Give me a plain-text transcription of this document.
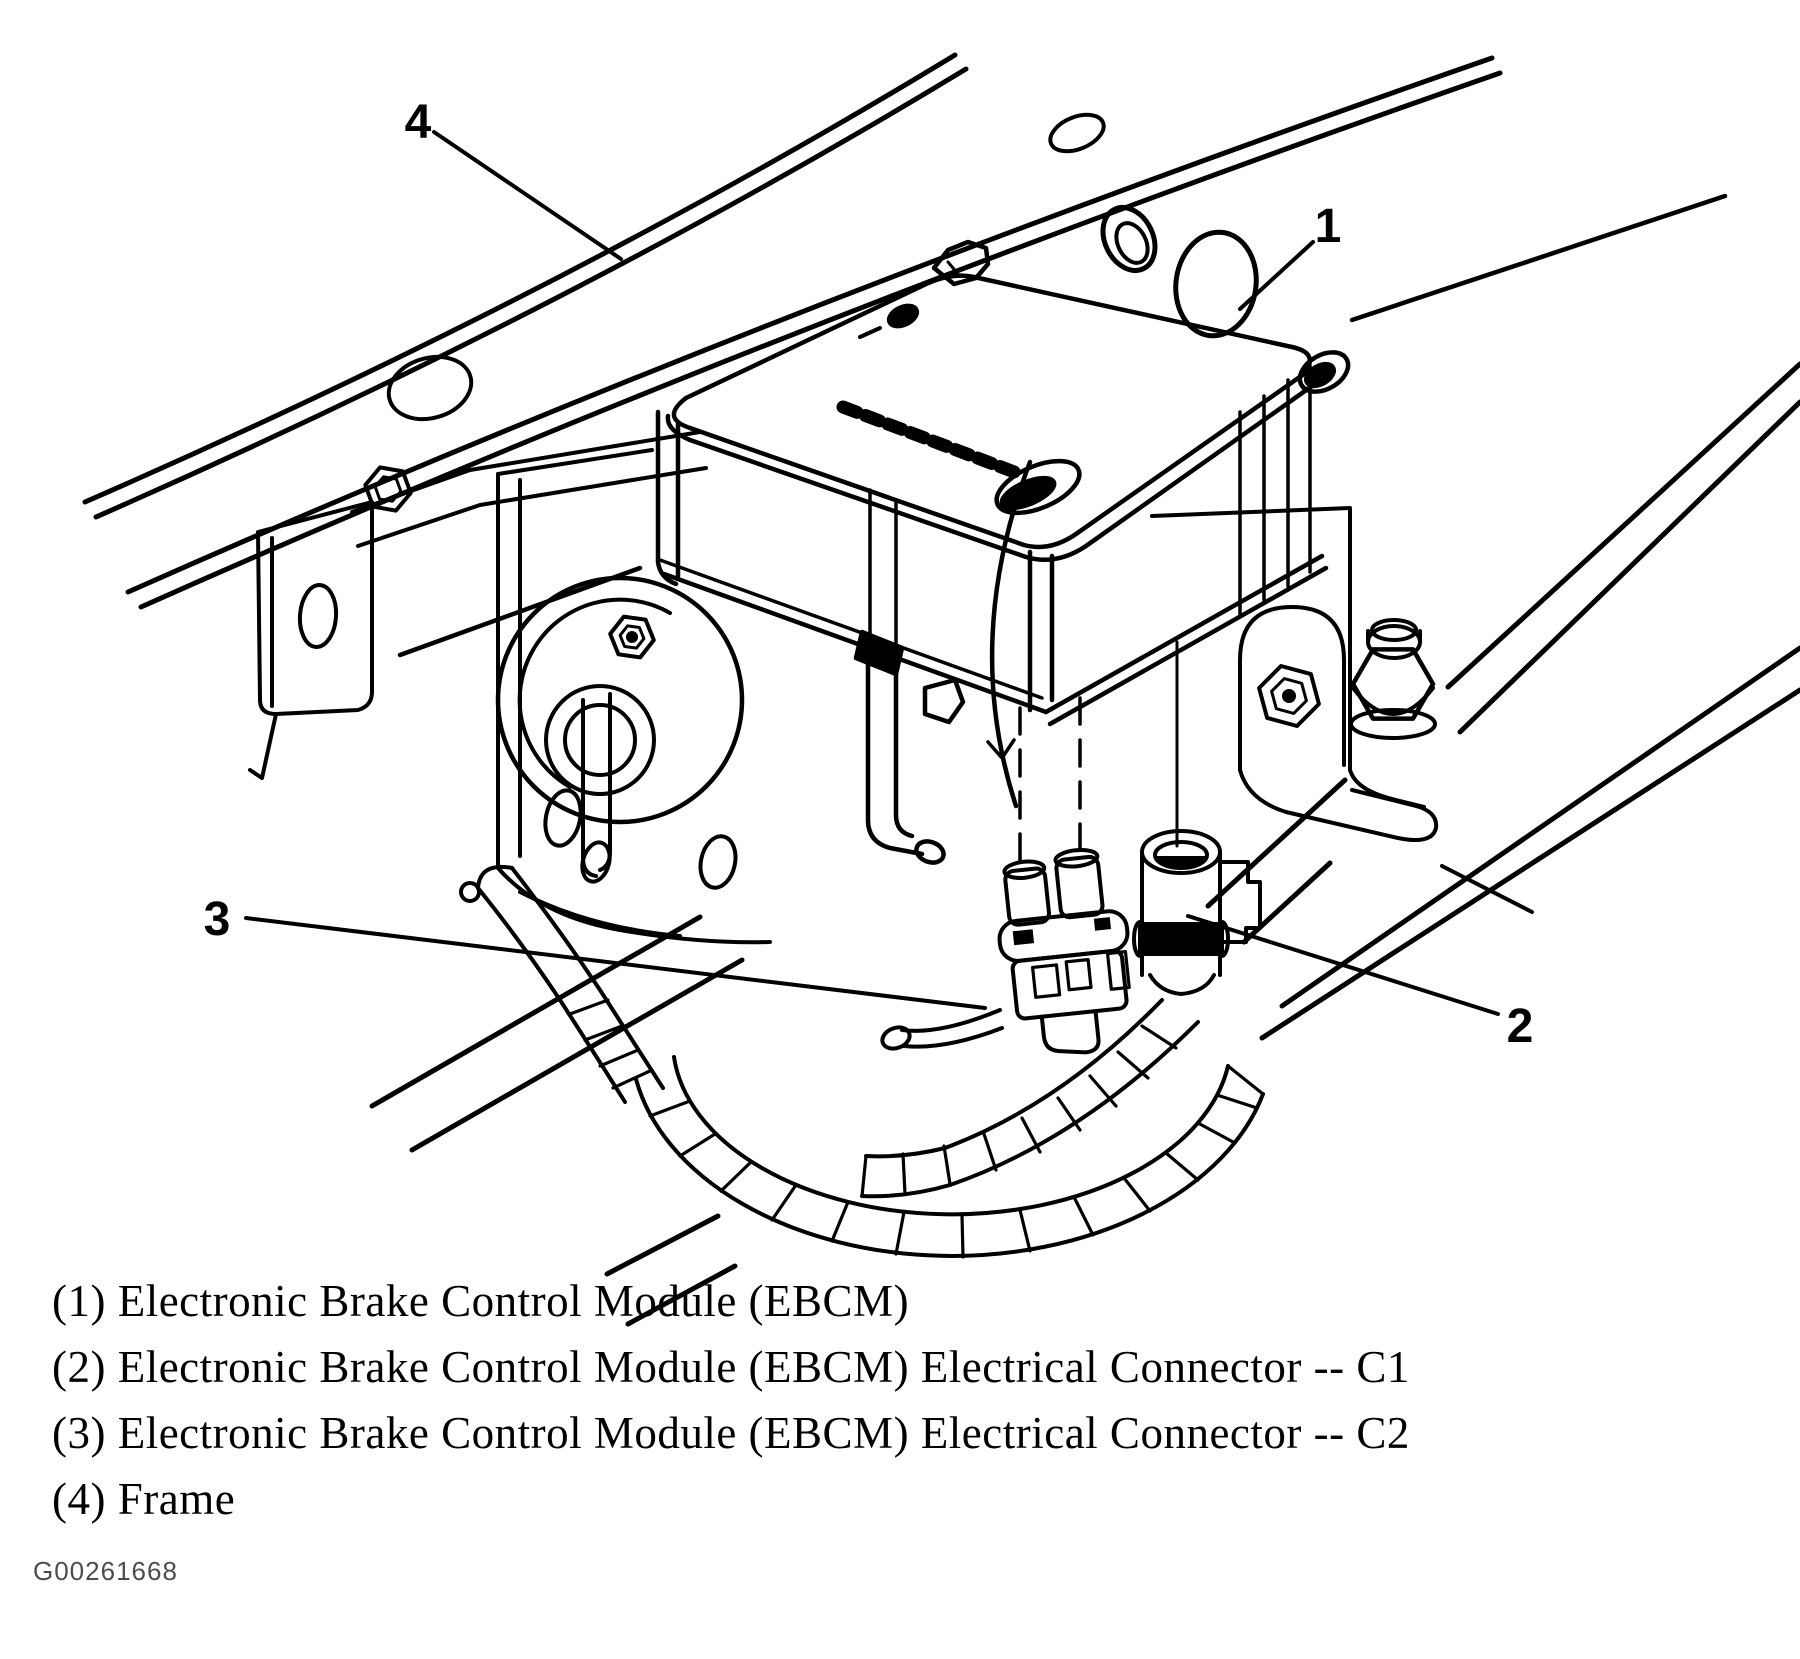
1
2
3
4
(1) Electronic Brake Control Module (EBCM)
(2) Electronic Brake Control Module (EBCM) Electrical Connector -- C1
(3) Electronic Brake Control Module (EBCM) Electrical Connector -- C2
(4) Frame
G00261668
